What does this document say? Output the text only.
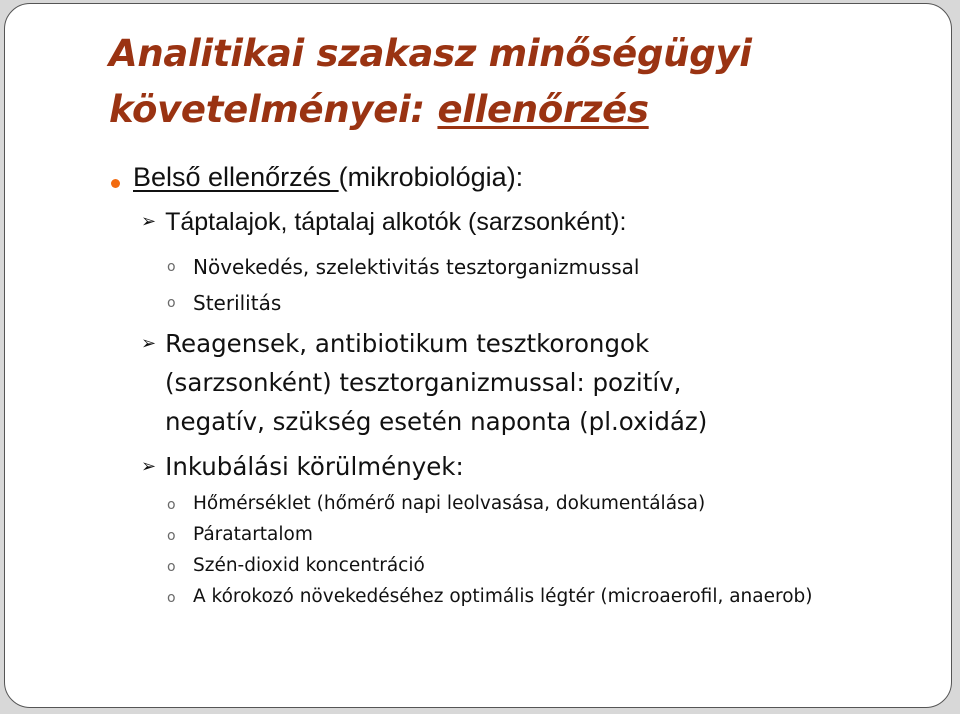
Analitikai szakasz minőségügyi
követelményei: ellenőrzés

Belső ellenőrzés (mikrobiológia):

➢ Táptalajok, táptalaj alkotók (sarzsonként):

o Növekedés, szelektivitás tesztorganizmussal

o Sterilitás

➢ Reagensek, antibiotikum tesztkorongok

(sarzsonként) tesztorganizmussal: pozitív,

negatív, szükség esetén naponta (pl.oxidáz)

➢ Inkubálási körülmények:

o Hőmérséklet (hőmérő napi leolvasása, dokumentálása)

o Páratartalom

o Szén-dioxid koncentráció

o A kórokozó növekedéséhez optimális légtér (microaerofil, anaerob)
